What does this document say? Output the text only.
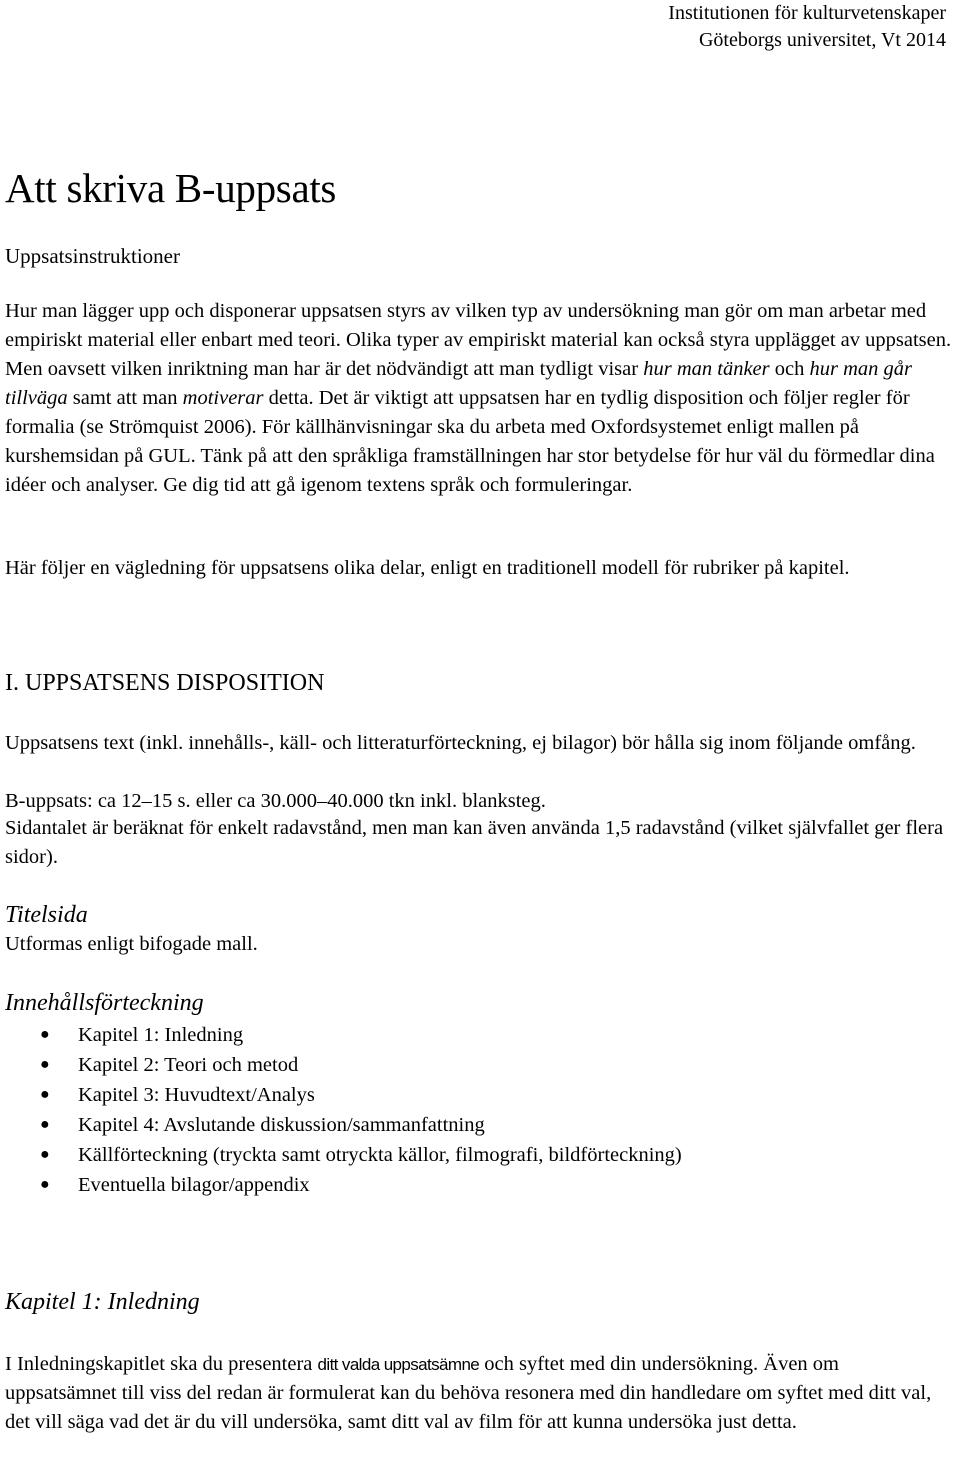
Institutionen för kulturvetenskaper
Göteborgs universitet, Vt 2014
Att skriva B-uppsats
Uppsatsinstruktioner

Hur man lägger upp och disponerar uppsatsen styrs av vilken typ av undersökning man gör om man arbetar med empiriskt material eller enbart med teori. Olika typer av empiriskt material kan också styra upplägget av uppsatsen. Men oavsett vilken inriktning man har är det nödvändigt att man tydligt visar hur man tänker och hur man går tillväga samt att man motiverar detta. Det är viktigt att uppsatsen har en tydlig disposition och följer regler för formalia (se Strömquist 2006). För källhänvisningar ska du arbeta med Oxfordsystemet enligt mallen på kurshemsidan på GUL. Tänk på att den språkliga framställningen har stor betydelse för hur väl du förmedlar dina idéer och analyser. Ge dig tid att gå igenom textens språk och formuleringar.

Här följer en vägledning för uppsatsens olika delar, enligt en traditionell modell för rubriker på kapitel.

I. UPPSATSENS DISPOSITION

Uppsatsens text (inkl. innehålls-, käll- och litteraturförteckning, ej bilagor) bör hålla sig inom följande omfång.

B-uppsats: ca 12–15 s. eller ca 30.000–40.000 tkn inkl. blanksteg.

Sidantalet är beräknat för enkelt radavstånd, men man kan även använda 1,5 radavstånd (vilket självfallet ger flera sidor).

Titelsida

Utformas enligt bifogade mall.

Innehållsförteckning
● Kapitel 1: Inledning
● Kapitel 2: Teori och metod
● Kapitel 3: Huvudtext/Analys
● Kapitel 4: Avslutande diskussion/sammanfattning
● Källförteckning (tryckta samt otryckta källor, filmografi, bildförteckning)
● Eventuella bilagor/appendix
Kapitel 1: Inledning

I Inledningskapitlet ska du presentera ditt valda uppsatsämne och syftet med din undersökning. Även om uppsatsämnet till viss del redan är formulerat kan du behöva resonera med din handledare om syftet med ditt val, det vill säga vad det är du vill undersöka, samt ditt val av film för att kunna undersöka just detta.
